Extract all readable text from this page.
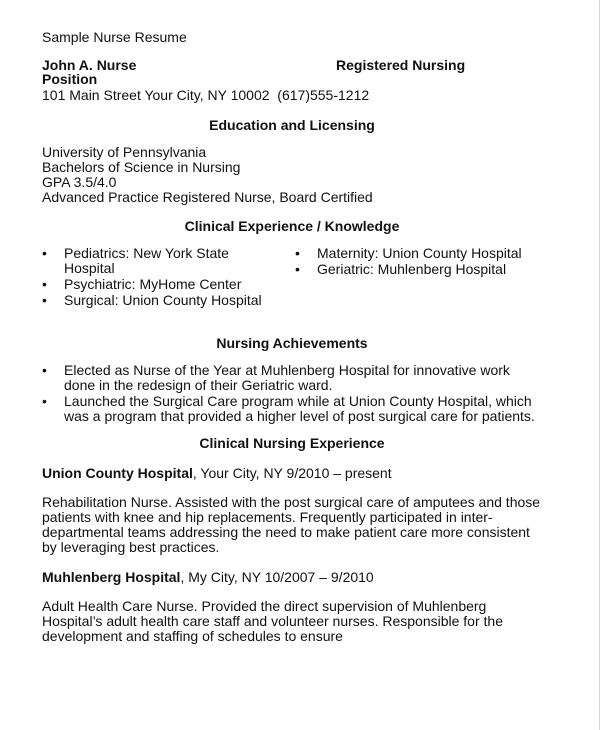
Sample Nurse Resume
John A. Nurse
Position
Registered Nursing
101 Main Street Your City, NY 10002 (617)555-1212
Education and Licensing

University of Pennsylvania

Bachelors of Science in Nursing

GPA 3.5/4.0

Advanced Practice Registered Nurse, Board Certified

Clinical Experience / Knowledge
• Pediatrics: New York State Hospital
• Psychiatric: MyHome Center
• Surgical: Union County Hospital
• Maternity: Union County Hospital
• Geriatric: Muhlenberg Hospital
Nursing Achievements
• Elected as Nurse of the Year at Muhlenberg Hospital for innovative work done in the redesign of their Geriatric ward.
• Launched the Surgical Care program while at Union County Hospital, which was a program that provided a higher level of post surgical care for patients.
Clinical Nursing Experience
Union County Hospital, Your City, NY 9/2010 – present

Rehabilitation Nurse. Assisted with the post surgical care of amputees and those patients with knee and hip replacements. Frequently participated in inter-departmental teams addressing the need to make patient care more consistent by leveraging best practices.

Muhlenberg Hospital, My City, NY 10/2007 – 9/2010

Adult Health Care Nurse. Provided the direct supervision of Muhlenberg Hospital’s adult health care staff and volunteer nurses. Responsible for the development and staffing of schedules to ensure
